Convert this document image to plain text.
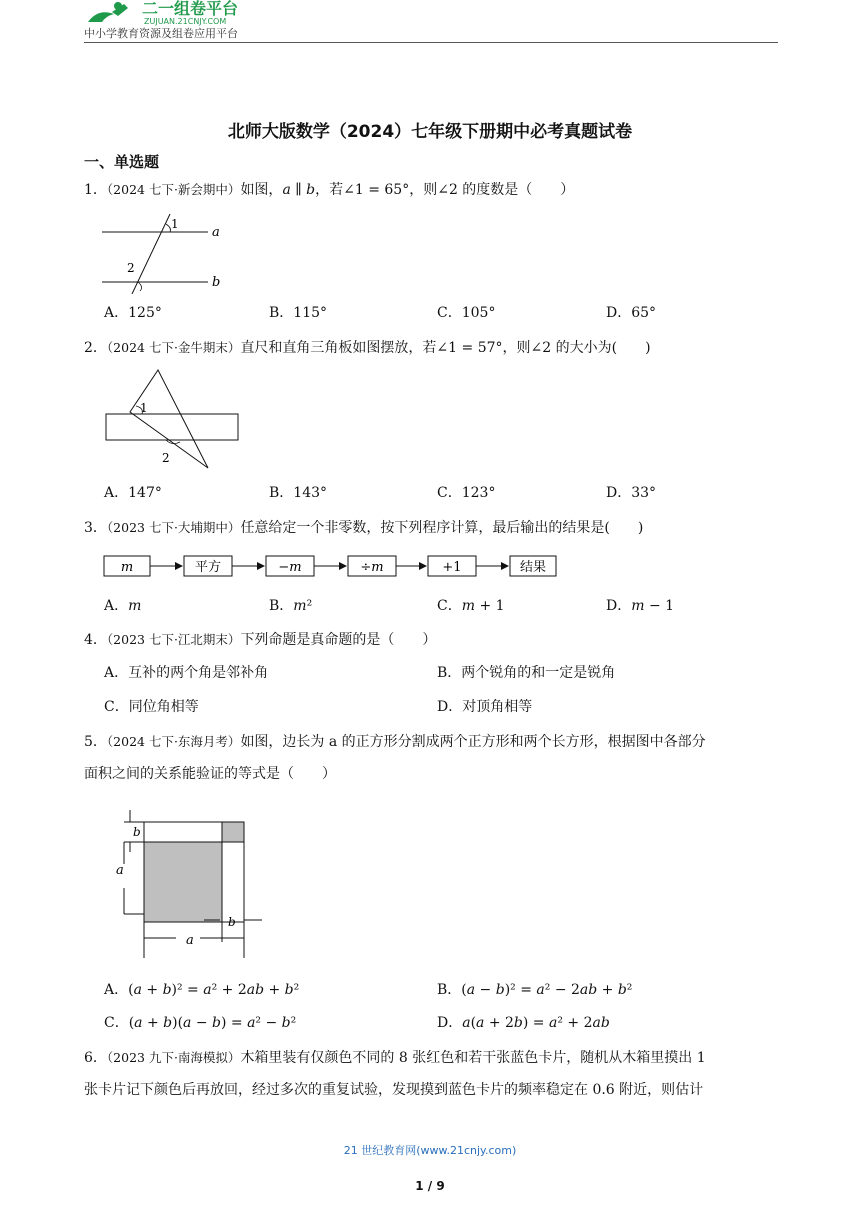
二一组卷平台
ZUJUAN.21CNJY.COM
中小学教育资源及组卷应用平台
北师大版数学（2024）七年级下册期中必考真题试卷
一、单选题
1．（2024 七下·新会期中）如图，𝑎 ∥ 𝑏，若∠1 = 65°，则∠2 的度数是（　　）
1
2
a
b
A．125°	B．115°	C．105°	D．65°
2．（2024 七下·金牛期末）直尺和直角三角板如图摆放，若∠1 = 57°，则∠2 的大小为(　　)
1
2
A．147°	B．143°	C．123°	D．33°
3．（2023 七下·大埔期中）任意给定一个非零数，按下列程序计算，最后输出的结果是(　　)
𝑚	平方	−𝑚	÷𝑚	+1	结果
A．𝑚	B．𝑚²	C．𝑚 + 1	D．𝑚 − 1
4．（2023 七下·江北期末）下列命题是真命题的是（　　）
A．互补的两个角是邻补角	B．两个锐角的和一定是锐角
C．同位角相等	D．对顶角相等
5．（2024 七下·东海月考）如图，边长为 a 的正方形分割成两个正方形和两个长方形，根据图中各部分
面积之间的关系能验证的等式是（　　）
b
a
b
a
A．(𝑎 + 𝑏)² = 𝑎² + 2𝑎𝑏 + 𝑏²	B．(𝑎 − 𝑏)² = 𝑎² − 2𝑎𝑏 + 𝑏²
C．(𝑎 + 𝑏)(𝑎 − 𝑏) = 𝑎² − 𝑏²	D．𝑎(𝑎 + 2𝑏) = 𝑎² + 2𝑎𝑏
6．（2023 九下·南海模拟）木箱里装有仅颜色不同的 8 张红色和若干张蓝色卡片，随机从木箱里摸出 1
张卡片记下颜色后再放回，经过多次的重复试验，发现摸到蓝色卡片的频率稳定在 0.6 附近，则估计
21 世纪教育网(www.21cnjy.com)
1 / 9
